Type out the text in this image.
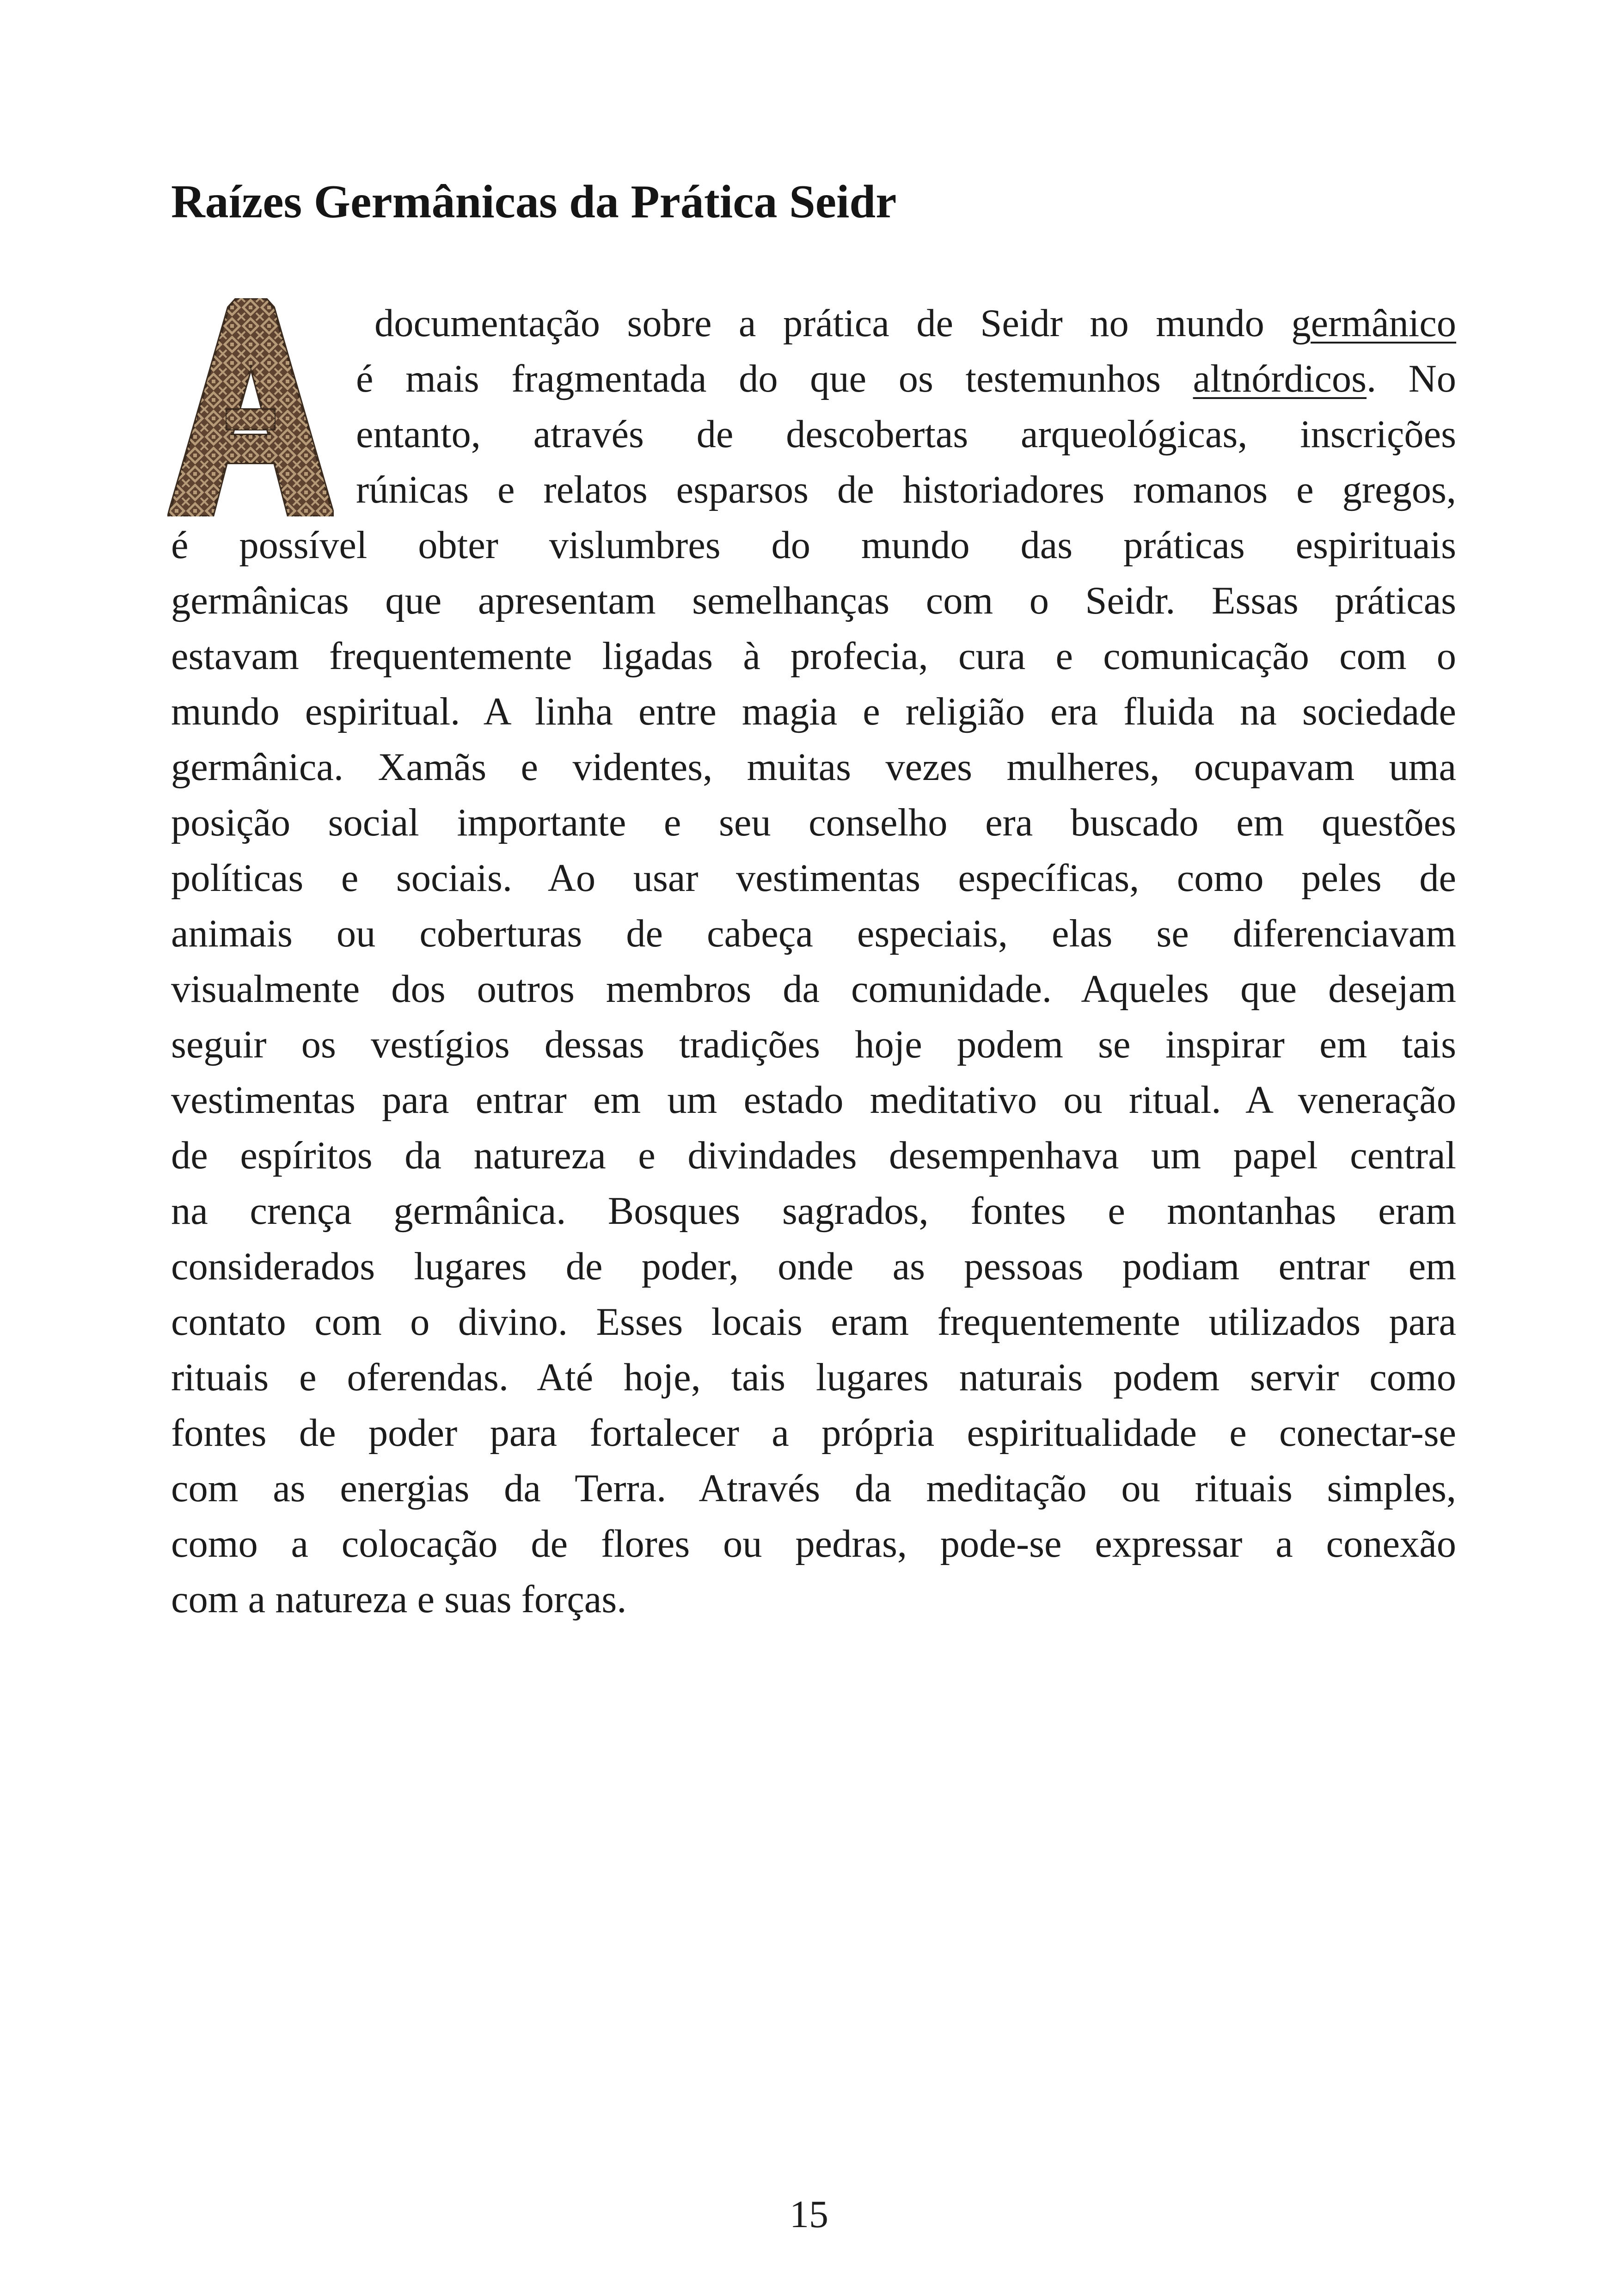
Raízes Germânicas da Prática Seidr

documentação sobre a prática de Seidr no mundo germânico

é mais fragmentada do que os testemunhos altnórdicos. No

entanto, através de descobertas arqueológicas, inscrições

rúnicas e relatos esparsos de historiadores romanos e gregos,

é possível obter vislumbres do mundo das práticas espirituais

germânicas que apresentam semelhanças com o Seidr. Essas práticas

estavam frequentemente ligadas à profecia, cura e comunicação com o

mundo espiritual. A linha entre magia e religião era fluida na sociedade

germânica. Xamãs e videntes, muitas vezes mulheres, ocupavam uma

posição social importante e seu conselho era buscado em questões

políticas e sociais. Ao usar vestimentas específicas, como peles de

animais ou coberturas de cabeça especiais, elas se diferenciavam

visualmente dos outros membros da comunidade. Aqueles que desejam

seguir os vestígios dessas tradições hoje podem se inspirar em tais

vestimentas para entrar em um estado meditativo ou ritual. A veneração

de espíritos da natureza e divindades desempenhava um papel central

na crença germânica. Bosques sagrados, fontes e montanhas eram

considerados lugares de poder, onde as pessoas podiam entrar em

contato com o divino. Esses locais eram frequentemente utilizados para

rituais e oferendas. Até hoje, tais lugares naturais podem servir como

fontes de poder para fortalecer a própria espiritualidade e conectar-se

com as energias da Terra. Através da meditação ou rituais simples,

como a colocação de flores ou pedras, pode-se expressar a conexão

com a natureza e suas forças.

15
